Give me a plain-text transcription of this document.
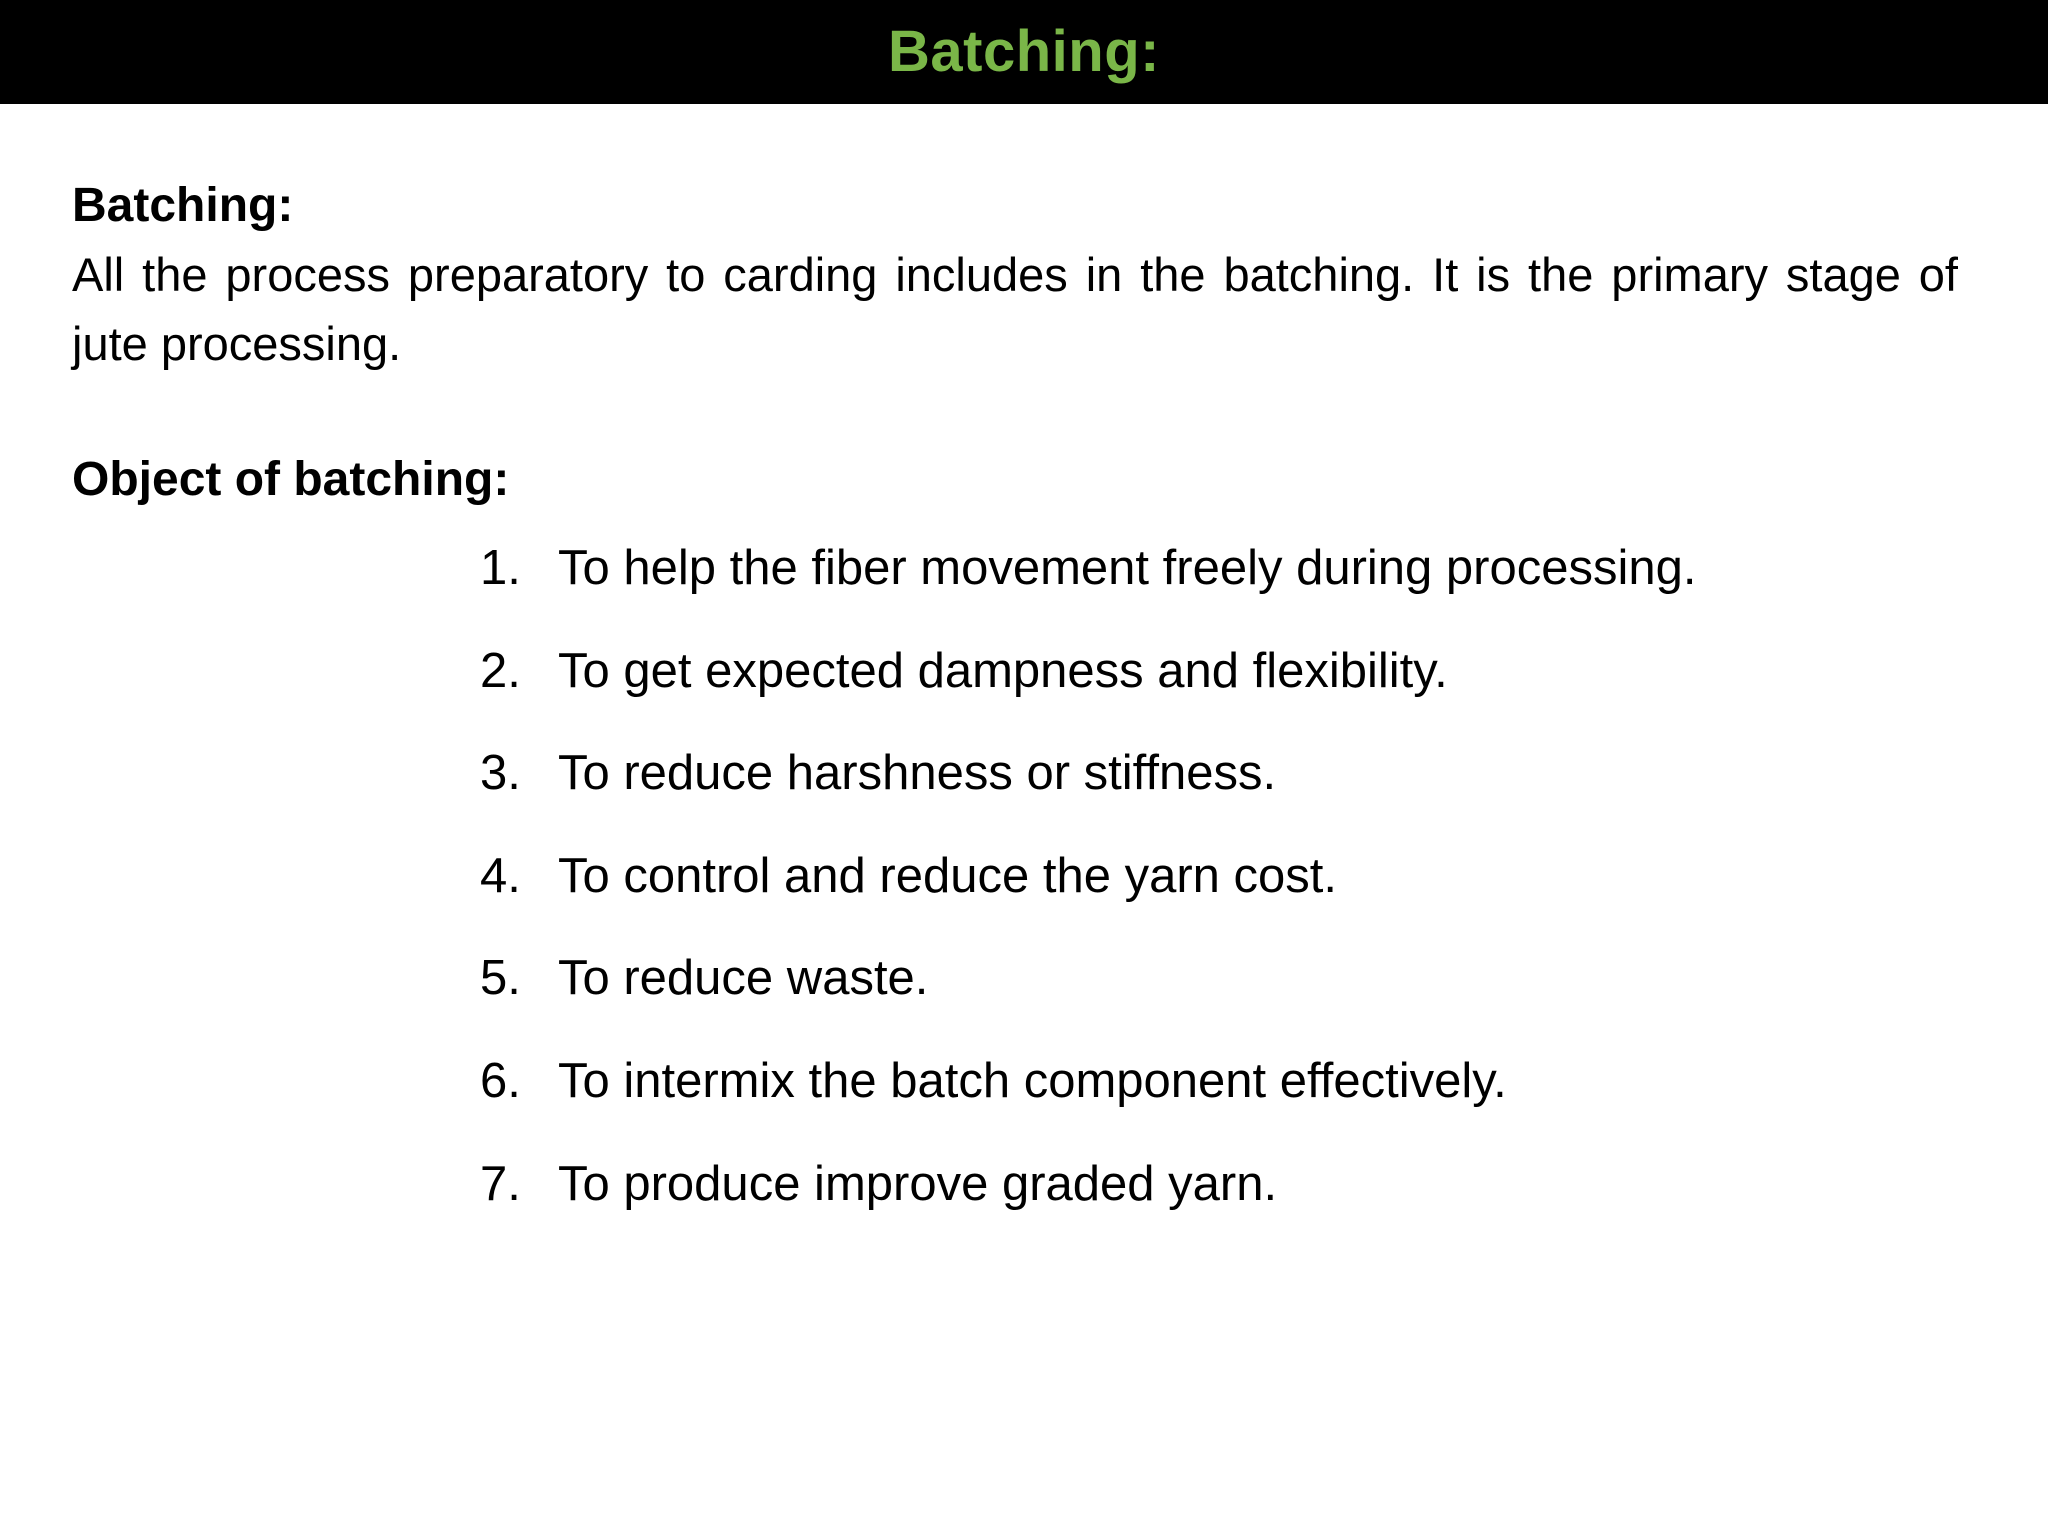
Batching:

Batching:

All the process preparatory to carding includes in the batching. It is the primary stage of jute processing.

Object of batching:

1. To help the fiber movement freely during processing.
2. To get expected dampness and flexibility.
3. To reduce harshness or stiffness.
4. To control and reduce the yarn cost.
5. To reduce waste.
6. To intermix the batch component effectively.
7. To produce improve graded yarn.
